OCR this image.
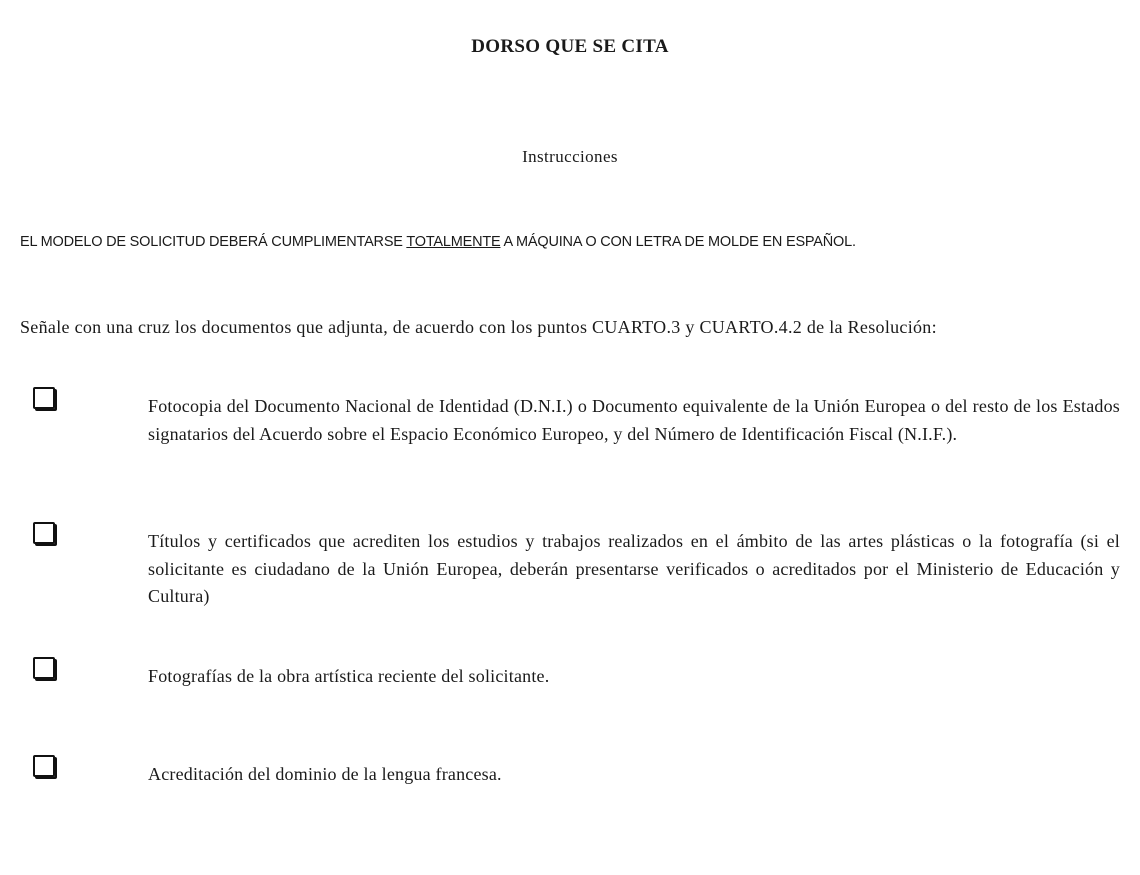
DORSO QUE SE CITA
Instrucciones
EL MODELO DE SOLICITUD DEBERÁ CUMPLIMENTARSE TOTALMENTE A MÁQUINA O CON LETRA DE MOLDE EN ESPAÑOL.
Señale con una cruz los documentos que adjunta, de acuerdo con los puntos CUARTO.3 y CUARTO.4.2 de la Resolución:
Fotocopia del Documento Nacional de Identidad (D.N.I.) o Documento equivalente de la Unión Europea o del resto de los Estados signatarios del Acuerdo sobre el Espacio Económico Europeo, y del Número de Identificación Fiscal (N.I.F.).
Títulos y certificados que acrediten los estudios y trabajos realizados en el ámbito de las artes plásticas o la fotografía (si el solicitante es ciudadano de la Unión Europea, deberán presentarse verificados o acreditados por el Ministerio de Educación y Cultura)
Fotografías de la obra artística reciente del solicitante.
Acreditación del dominio de la lengua francesa.
